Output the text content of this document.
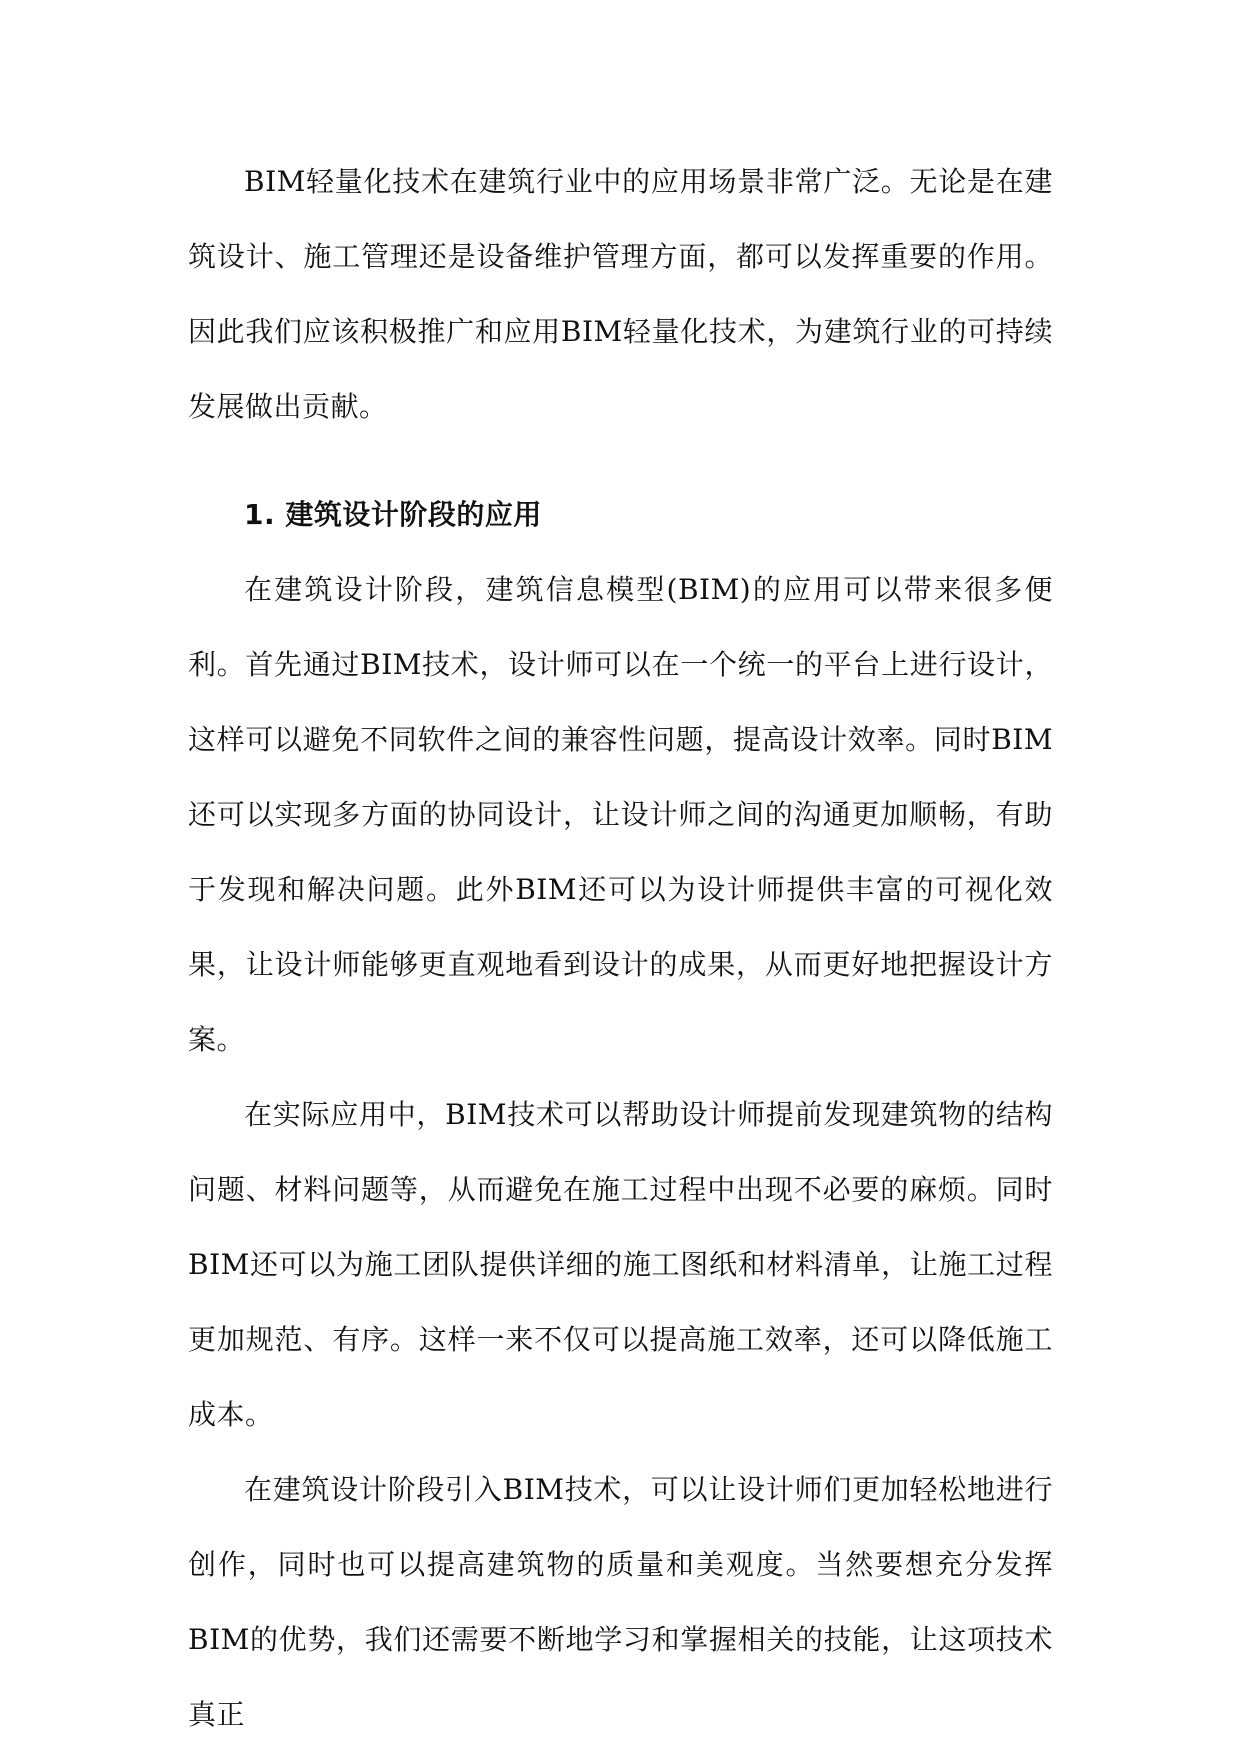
BIM轻量化技术在建筑行业中的应用场景非常广泛。无论是在建筑设计、施工管理还是设备维护管理方面，都可以发挥重要的作用。因此我们应该积极推广和应用BIM轻量化技术，为建筑行业的可持续发展做出贡献。

1. 建筑设计阶段的应用

在建筑设计阶段，建筑信息模型(BIM)的应用可以带来很多便利。首先通过BIM技术，设计师可以在一个统一的平台上进行设计，这样可以避免不同软件之间的兼容性问题，提高设计效率。同时BIM还可以实现多方面的协同设计，让设计师之间的沟通更加顺畅，有助于发现和解决问题。此外BIM还可以为设计师提供丰富的可视化效果，让设计师能够更直观地看到设计的成果，从而更好地把握设计方案。

在实际应用中，BIM技术可以帮助设计师提前发现建筑物的结构问题、材料问题等，从而避免在施工过程中出现不必要的麻烦。同时BIM还可以为施工团队提供详细的施工图纸和材料清单，让施工过程更加规范、有序。这样一来不仅可以提高施工效率，还可以降低施工成本。

在建筑设计阶段引入BIM技术，可以让设计师们更加轻松地进行创作，同时也可以提高建筑物的质量和美观度。当然要想充分发挥BIM的优势，我们还需要不断地学习和掌握相关的技能，让这项技术真正
